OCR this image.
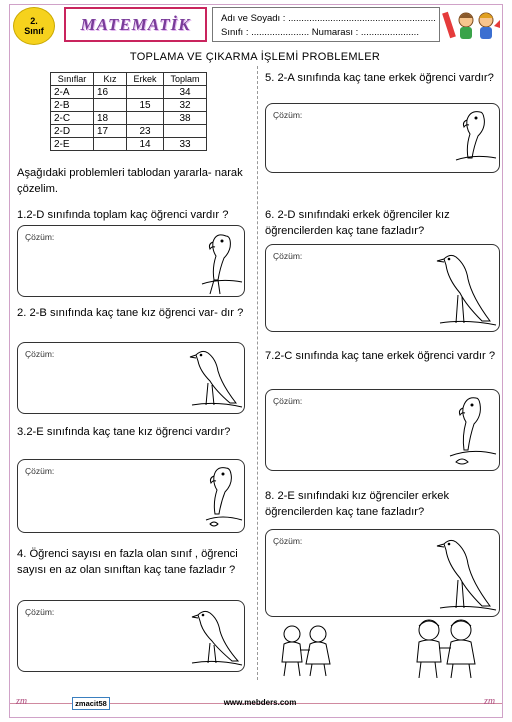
2.
Sınıf MATEMATİK	Adı ve Soyadı : ........................................................
Sınıfı : ...................... Numarası : ......................
TOPLAMA VE ÇIKARMA İŞLEMİ PROBLEMLER
Sınıflar	Kız	Erkek	Toplam
2-A	16		34
2-B		15	32
2-C	18		38
2-D	17	23	
2-E		14	33
Aşağıdaki problemleri tablodan yararla- narak çözelim.
1.2-D sınıfında toplam kaç öğrenci vardır ?
Çözüm:
2. 2-B sınıfında kaç tane kız öğrenci var- dır ?
Çözüm:
3.2-E sınıfında kaç tane kız öğrenci vardır?
Çözüm:
4. Öğrenci sayısı en fazla olan sınıf , öğrenci sayısı en az olan sınıftan kaç tane fazladır ?
Çözüm:
5. 2-A sınıfında kaç tane erkek öğrenci vardır?
Çözüm:
6. 2-D sınıfındaki erkek öğrenciler kız öğrencilerden kaç tane fazladır?
Çözüm:
7.2-C sınıfında kaç tane erkek öğrenci vardır ?
Çözüm:
8. 2-E sınıfındaki kız öğrenciler erkek öğrencilerden kaç tane fazladır?
Çözüm:
zm	zmacit58	www.mebders.com	zm
